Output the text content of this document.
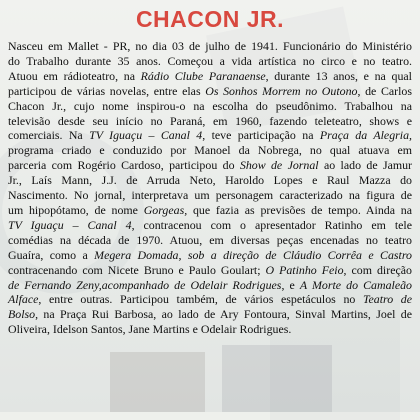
CHACON JR.
Nasceu em Mallet - PR, no dia 03 de julho de 1941. Funcionário do Ministério
do Trabalho durante 35 anos. Começou a vida artística no circo e no teatro.
Atuou em rádioteatro, na Rádio Clube Paranaense, durante 13 anos, e na qual
participou de várias novelas, entre elas Os Sonhos Morrem no Outono, de Carlos
Chacon Jr., cujo nome inspirou-o na escolha do pseudônimo. Trabalhou na
televisão desde seu início no Paraná, em 1960, fazendo teleteatro, shows e
comerciais. Na TV Iguaçu – Canal 4, teve participação na Praça da Alegria,
programa criado e conduzido por Manoel da Nobrega, no qual atuava em
parceria com Rogério Cardoso, participou do Show de Jornal ao lado de Jamur
Jr., Laís Mann, J.J. de Arruda Neto, Haroldo Lopes e Raul Mazza do
Nascimento. No jornal, interpretava um personagem caracterizado na figura de
um hipopótamo, de nome Gorgeas, que fazia as previsões de tempo. Ainda na
TV Iguaçu – Canal 4, contracenou com o apresentador Ratinho em tele
comédias na década de 1970. Atuou, em diversas peças encenadas no teatro
Guaíra, como a Megera Domada, sob a direção de Cláudio Corrêa e Castro
contracenando com Nicete Bruno e Paulo Goulart; O Patinho Feio, com direção
de Fernando Zeny,acompanhado de Odelair Rodrigues, e A Morte do Camaleão
Alface, entre outras. Participou também, de vários espetáculos no Teatro de
Bolso, na Praça Rui Barbosa, ao lado de Ary Fontoura, Sinval Martins, Joel de
Oliveira, Idelson Santos, Jane Martins e Odelair Rodrigues.
